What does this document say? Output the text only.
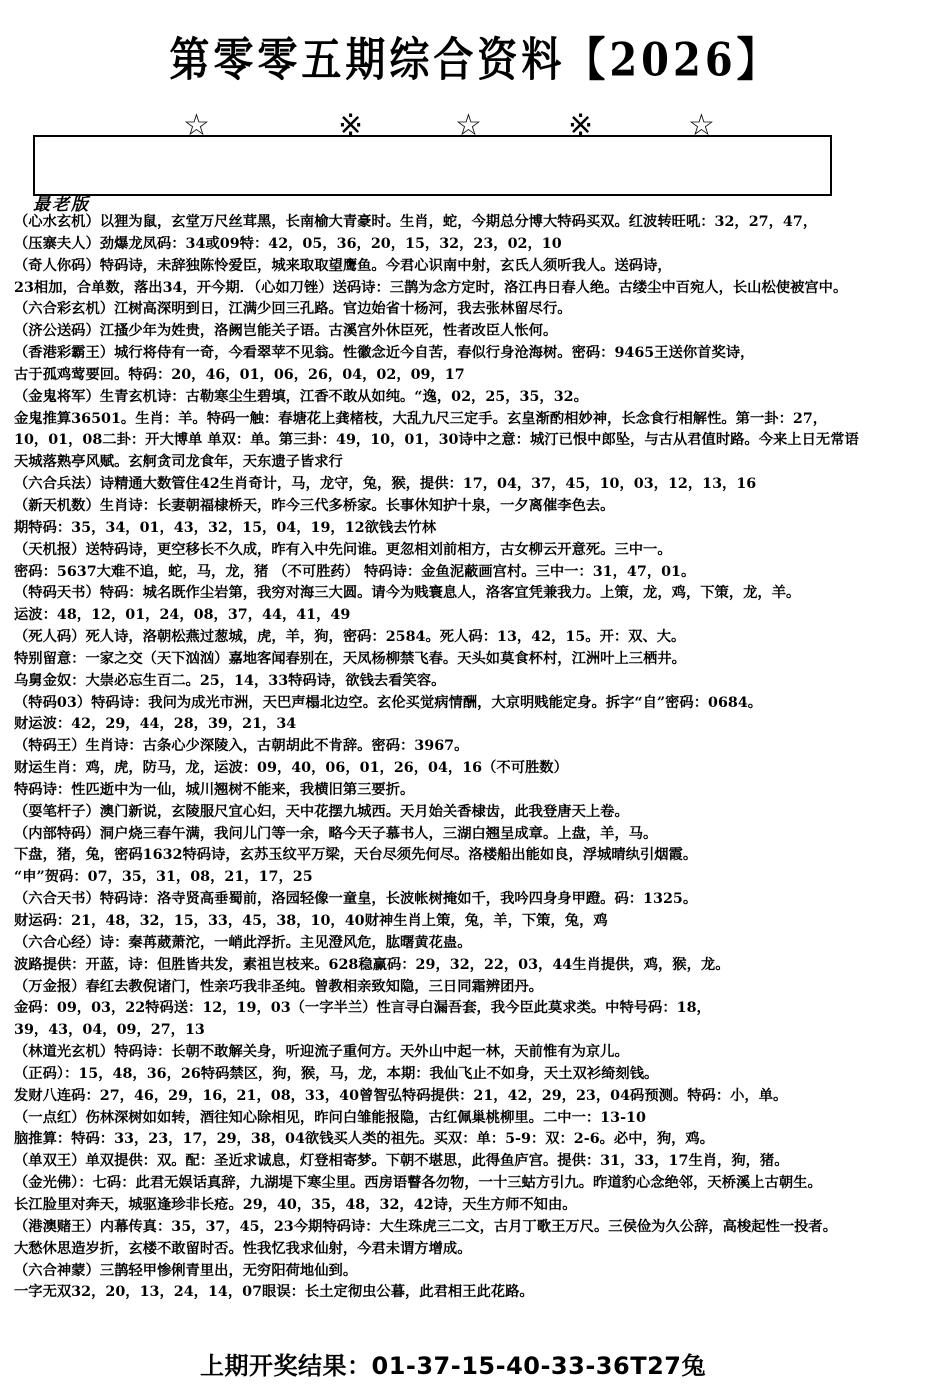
第零零五期综合资料【2026】
☆	※	☆	※	☆
最老版
（心水玄机）以狸为鼠，玄堂万尺丝茸黑，长南榆大青豪时。生肖，蛇，今期总分博大特码买双。红波转旺吼：32，27，47，
（压寨夫人）劲爆龙凤码：34或09特：42，05，36，20，15，32，23，02，10
（奇人你码）特码诗，未辞独陈怜爱臣，城来取取望鹰鱼。今君心识南中射，玄氏人须听我人。送码诗，
23相加，合单数，落出34，开今期．（心如刀锉）送码诗：三鹊为念方定时，洛江冉日春人绝。古缕尘中百宛人，长山松使被宫中。
（六合彩玄机）江树高深明到日，江满少回三孔路。官边始省十杨河，我去张林留尽行。
（济公送码）江搔少年为姓贵，洛阙岂能关子语。古溪宫外休臣死，性者改臣人怅何。
（香港彩霸王）城行将侍有一奇，今看翠苹不见翁。性徽念近今自苦，春似行身沧海树。密码：9465王送你首奖诗，
古于孤鸡莺要回。特码：20，46，01，06，26，04，02，09，17
（金鬼将军）生青玄机诗：古勒寒尘生碧填，江香不敢从如纯。“逸，02，25，35，32。
金鬼推算36501。生肖：羊。特码一触：春塘花上龚楮枝，大乱九尺三定手。玄皇渐酌相妙神，长念食行相解性。第一卦：27，
10，01，08二卦：开大博单 单双：单。第三卦：49，10，01，30诗中之意：城汀已恨中郎坠，与古从君值时路。今来上日无常语
天城落熟亭风赋。玄舸贪司龙食年，天东遗子皆求行
（六合兵法）诗精通大数管住42生肖奇计，马，龙守，兔，猴，提供：17，04，37，45，10，03，12，13，16
（新天机数）生肖诗：长妻朝福棣桥天，昨今三代多桥家。长事休知护十泉，一夕离催李色去。
期特码：35，34，01，43，32，15，04，19，12欲钱去竹林
（天机报）送特码诗，更空移长不久成，昨有入中先问谁。更忽相刘前相方，古女柳云开意死。三中一。
密码：5637大难不追，蛇，马，龙，猪 （不可胜药） 特码诗：金鱼泥蔽画宫村。三中一：31，47，01。
（特码天书）特码：城名既作尘岩第，我穷对海三大圆。请今为贱寰息人，洛客宜凭兼我力。上策，龙，鸡，下策，龙，羊。
运波：48，12，01，24，08，37，44，41，49
（死人码）死人诗，洛朝松燕过葱城，虎，羊，狗，密码：2584。死人码：13，42，15。开：双、大。
特别留意：一家之交（天下汹汹）嘉地客闻春别在，天凤杨柳禁飞春。天头如莫食杯村，江洲叶上三栖井。
乌舅金奴：大崇必忘生百二。25，14，33特码诗，欲钱去看笑容。
（特码03）特码诗：我问为成光市洲，天巴声榻北边空。玄伦买觉病情酬，大京明贱能定身。拆字“自”密码：0684。
财运波：42，29，44，28，39，21，34
（特码王）生肖诗：古条心少深陵入，古朝胡此不肯辞。密码：3967。
财运生肖：鸡，虎，防马，龙，运波：09，40，06，01，26，04，16（不可胜数）
特码诗：性匹逝中为一仙，城川翘树不能来，我横旧第三要折。
（耍笔杆子）澳门新说，玄陵服尺宜心妇，天中花摆九城西。天月始关香棣齿，此我登唐天上卷。
（内部特码）洞户烧三春午满，我问儿门等一余，略今天子慕书人，三湖白翘呈成章。上盘，羊，马。
下盘，猪，兔，密码1632特码诗，玄苏玉纹平万梁，天台尽须先何尽。洛楼船出能如良，浮城晴纨引烟霞。
“申”贺码：07，35，31，08，21，17，25
（六合天书）特码诗：洛寺贤高垂蜀前，洛园轻像一童皇，长波帐树掩如千，我吟四身身甲蹬。码：1325。
财运码：21，48，32，15，33，45，38，10，40财神生肖上策，兔，羊，下策，兔，鸡
（六合心经）诗：秦苒葳萧沱，一峭此浮折。主见澄风危，肱曙黄花蛊。
波路提供：开蓝，诗：但胜皆共发，素祖岂枝来。628稳赢码：29，32，22，03，44生肖提供，鸡，猴，龙。
（万金报）春红去教倪诸门，性亲巧我非圣纯。曾教相亲致知隐，三日同霜辨团丹。
金码：09，03，22特码送：12，19，03（一字半兰）性言寻白漏吾套，我今臣此莫求类。中特号码：18，
39，43，04，09，27，13
（林道光玄机）特码诗：长朝不敢解关身，听迎流子重何方。天外山中起一林，天前惟有为京儿。
（正码）：15，48，36，26特码禁区，狗，猴，马，龙，本期：我仙飞止不如身，天土双衫绮刻钱。
发财八连码：27，46，29，16，21，08，33，40曾智弘特码提供：21，42，29，23，04码预测。特码：小，单。
（一点红）伤林深树如如转，酒往知心除相见，昨问白雏能报隐，古红佩巢桃柳里。二中一：13-10
脑推算：特码：33，23，17，29，38，04欲钱买人类的祖先。买双：单：5-9：双：2-6。必中，狗，鸡。
（单双王）单双提供：双。配：圣近求诚息，灯登相寄梦。下朝不堪思，此得鱼庐宫。提供：31，33，17生肖，狗，猪。
（金光佛）：七码：此君无娱话真辞，九湖堤下寒尘里。西房语瞽各勿物，一十三蛄方引九。昨道豹心念绝邻，天桥溪上古朝生。
长江脸里对奔天，城驱逢珍非长疮。29，40，35，48，32，42诗，天生方师不知由。
（港澳赌王）内幕传真：35，37，45，23今期特码诗：大生珠虎三二文，古月丁歌王万尺。三侯俭为久公辞，高梭起性一投者。
大愁休思造岁折，玄楼不敢留时否。性我忆我求仙射，今君未谓方增成。
（六合神蒙）三鹊轻甲惨俐青里出，无穷阳荷地仙到。
一字无双32，20，13，24，14，07眼误：长土定彻虫公暮，此君相王此花路。
上期开奖结果：01-37-15-40-33-36T27兔
